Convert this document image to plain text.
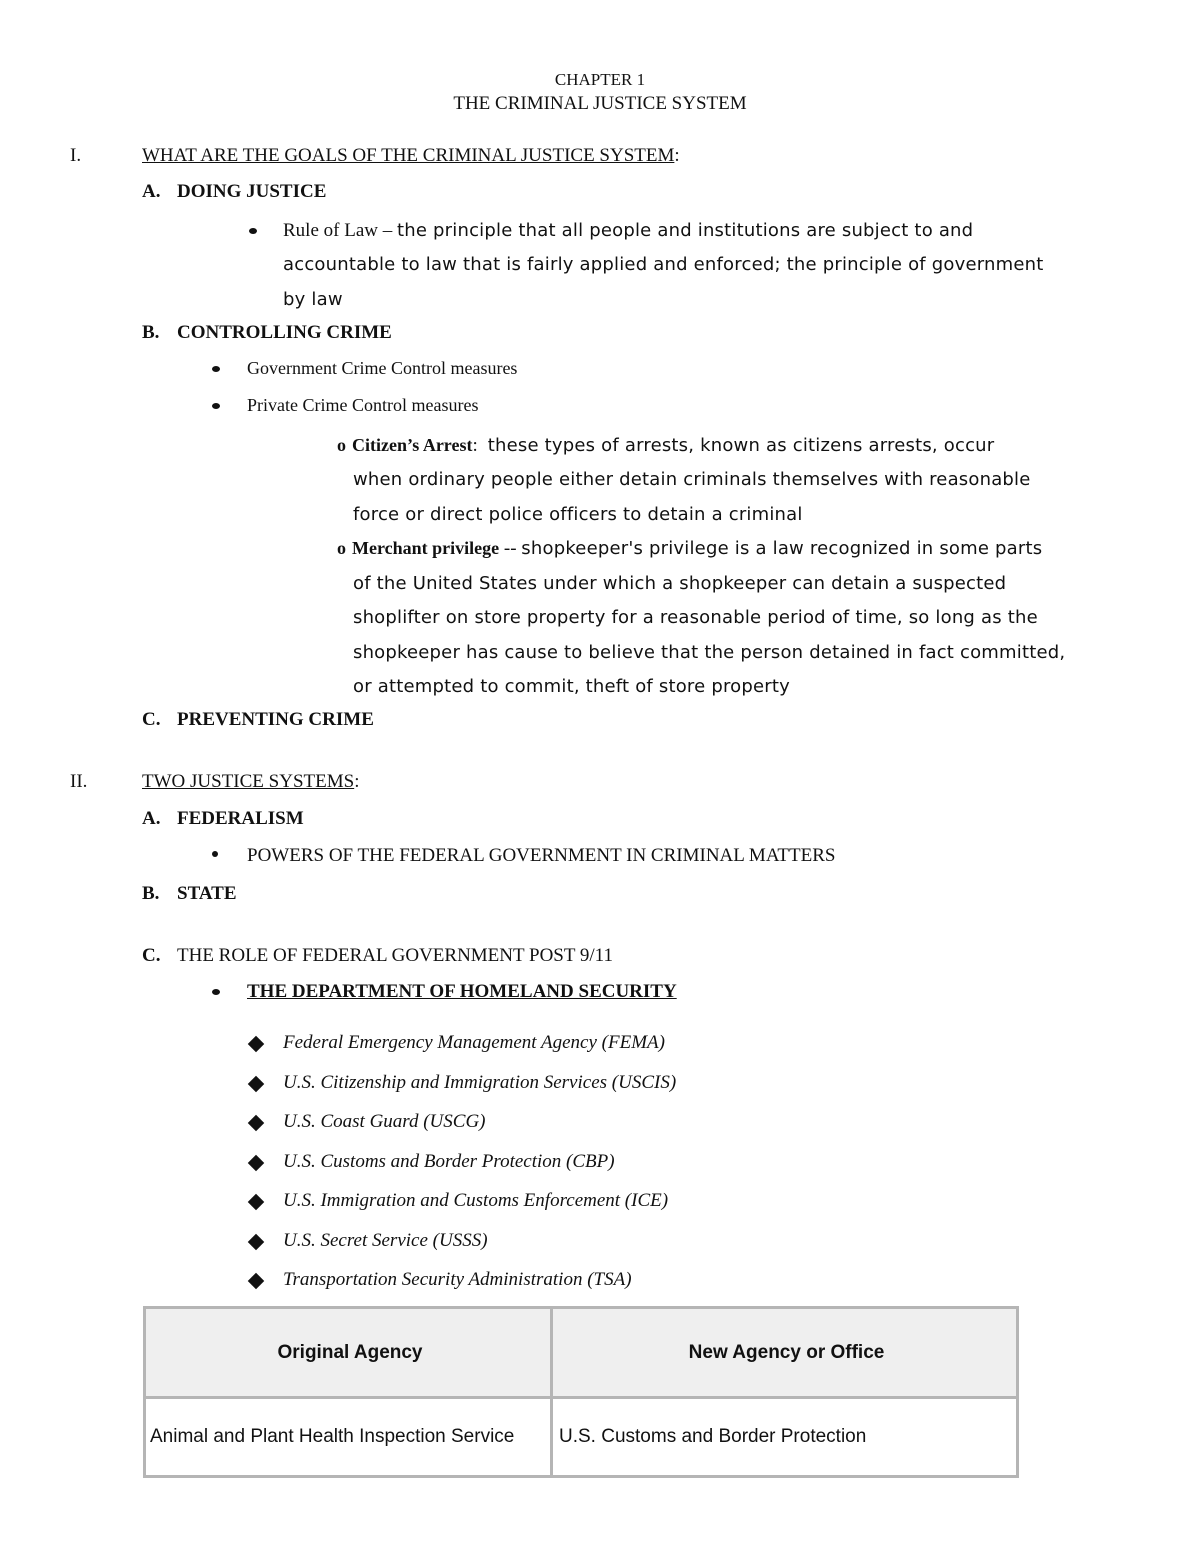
CHAPTER 1
THE CRIMINAL JUSTICE SYSTEM
I.	WHAT ARE THE GOALS OF THE CRIMINAL JUSTICE SYSTEM:
A. DOING JUSTICE
Rule of Law – the principle that all people and institutions are subject to and
accountable to law that is fairly applied and enforced; the principle of government
by law
B. CONTROLLING CRIME
Government Crime Control measures
Private Crime Control measures
o Citizen’s Arrest: these types of arrests, known as citizens arrests, occur
when ordinary people either detain criminals themselves with reasonable
force or direct police officers to detain a criminal
o Merchant privilege -- shopkeeper's privilege is a law recognized in some parts
of the United States under which a shopkeeper can detain a suspected
shoplifter on store property for a reasonable period of time, so long as the
shopkeeper has cause to believe that the person detained in fact committed,
or attempted to commit, theft of store property
C. PREVENTING CRIME
II.	TWO JUSTICE SYSTEMS:
A. FEDERALISM
POWERS OF THE FEDERAL GOVERNMENT IN CRIMINAL MATTERS
B. STATE
C. THE ROLE OF FEDERAL GOVERNMENT POST 9/11
THE DEPARTMENT OF HOMELAND SECURITY
Federal Emergency Management Agency (FEMA)
U.S. Citizenship and Immigration Services (USCIS)
U.S. Coast Guard (USCG)
U.S. Customs and Border Protection (CBP)
U.S. Immigration and Customs Enforcement (ICE)
U.S. Secret Service (USSS)
Transportation Security Administration (TSA)
Original Agency	New Agency or Office
Animal and Plant Health Inspection Service	U.S. Customs and Border Protection
